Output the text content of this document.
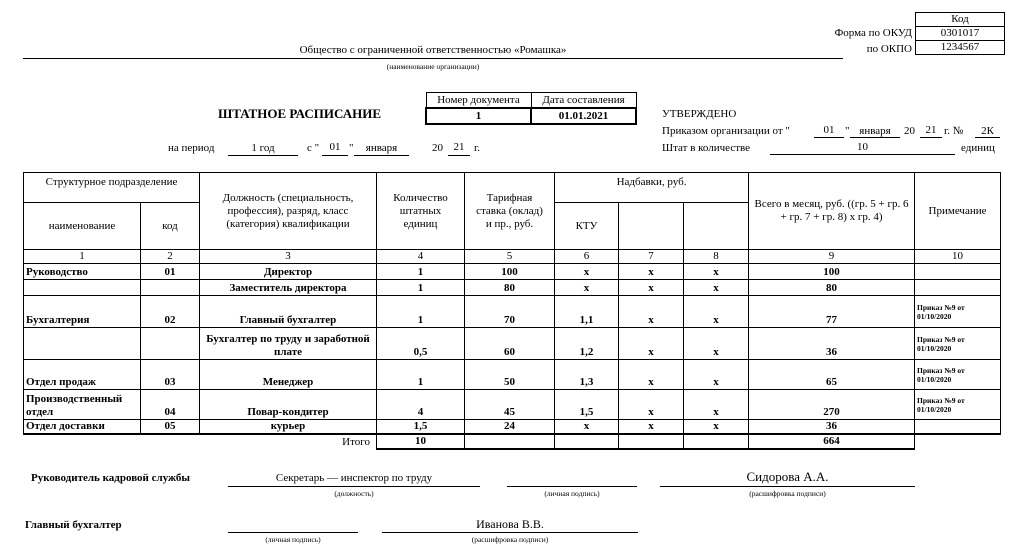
Код
0301017
1234567
Форма по ОКУД
по ОКПО
Общество с ограниченной ответственностью «Ромашка»
(наименование организации)
ШТАТНОЕ РАСПИСАНИЕ
Номер документа	Дата составления
1	01.01.2021	УТВЕРЖДЕНО
Приказом организации от "	01 " января	20 21 г. №	2К
Штат в количестве	10	единиц
на период	1 год	с " 01 "	января	20 21 г.
Структурное подразделение		Должность (специальность, профессия), разряд, класс (категория) квалификации	Количество штатных единиц	Тарифная ставка (оклад) и пр., руб.	Надбавки, руб.			Всего в месяц, руб. ((гр. 5 + гр. 6 + гр. 7 + гр. 8) х гр. 4)	Примечание
наименование	код				КТУ				
1	2	3	4	5	6	7	8	9	10
Руководство	01	Директор	1	100	х	х	х	100	
		Заместитель директора	1	80	х	х	х	80	
Бухгалтерия	02	Главный бухгалтер	1	70	1,1	х	х	77	Приказ №9 от 01/10/2020
		Бухгалтер по труду и заработной плате	0,5	60	1,2	х	х	36	Приказ №9 от 01/10/2020
Отдел продаж	03	Менеджер	1	50	1,3	х	х	65	Приказ №9 от 01/10/2020
Производственный отдел	04	Повар-кондитер	4	45	1,5	х	х	270	Приказ №9 от 01/10/2020
Отдел доставки	05	курьер	1,5	24	х	х	х	36	
		Итого	10					664	
Руководитель кадровой службы	Секретарь — инспектор по труду
(должность)	(личная подпись)
Сидорова А.А.
(расшифровка подписи)
Главный бухгалтер
(личная подпись)
Иванова В.В.
(расшифровка подписи)
